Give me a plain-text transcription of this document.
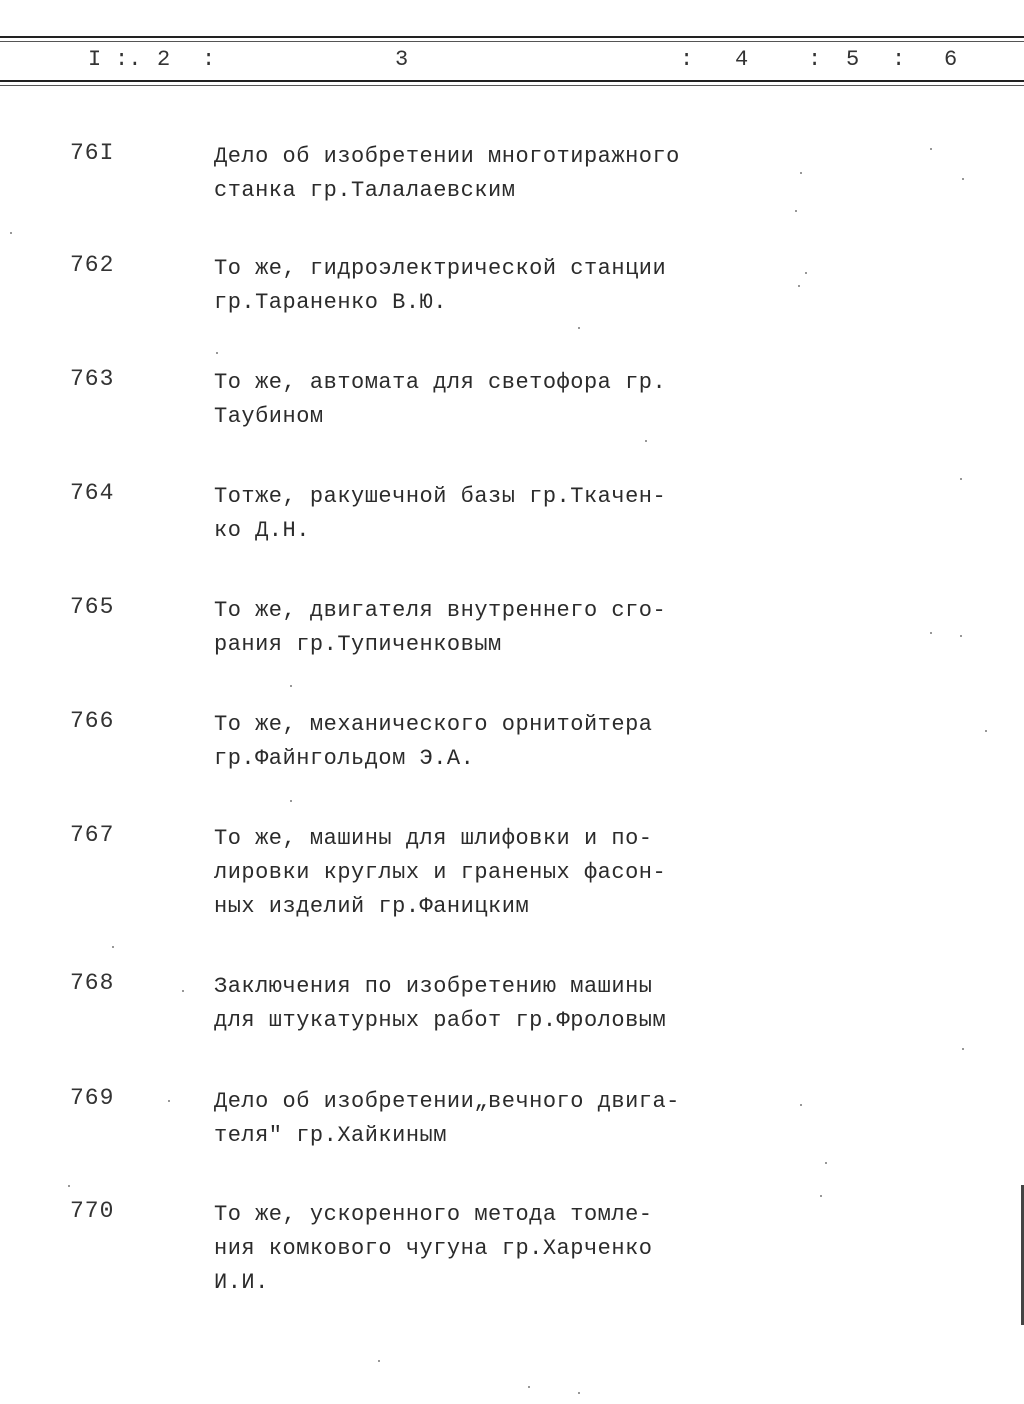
I :. 2 :	3	: 4	: 5 : 6
76I	Дело об изобретении многотиражного
станка гр.Талалаевским
762	То же, гидроэлектрической станции
гр.Тараненко В.Ю.
763	То же, автомата для светофора гр.
Таубином
764	Тотже, ракушечной базы гр.Ткачен-
ко Д.Н.
765	То же, двигателя внутреннего сго-
рания гр.Тупиченковым
766	То же, механического орнитойтера
гр.Файнгольдом Э.А.
767	То же, машины для шлифовки и по-
лировки круглых и граненых фасон-
ных изделий гр.Фаницким
768	Заключения по изобретению машины
для штукатурных работ гр.Фроловым
769	Дело об изобретении„вечного двига-
теля" гр.Хайкиным
770	То же, ускоренного метода томле-
ния комкового чугуна гр.Харченко
И.И.
